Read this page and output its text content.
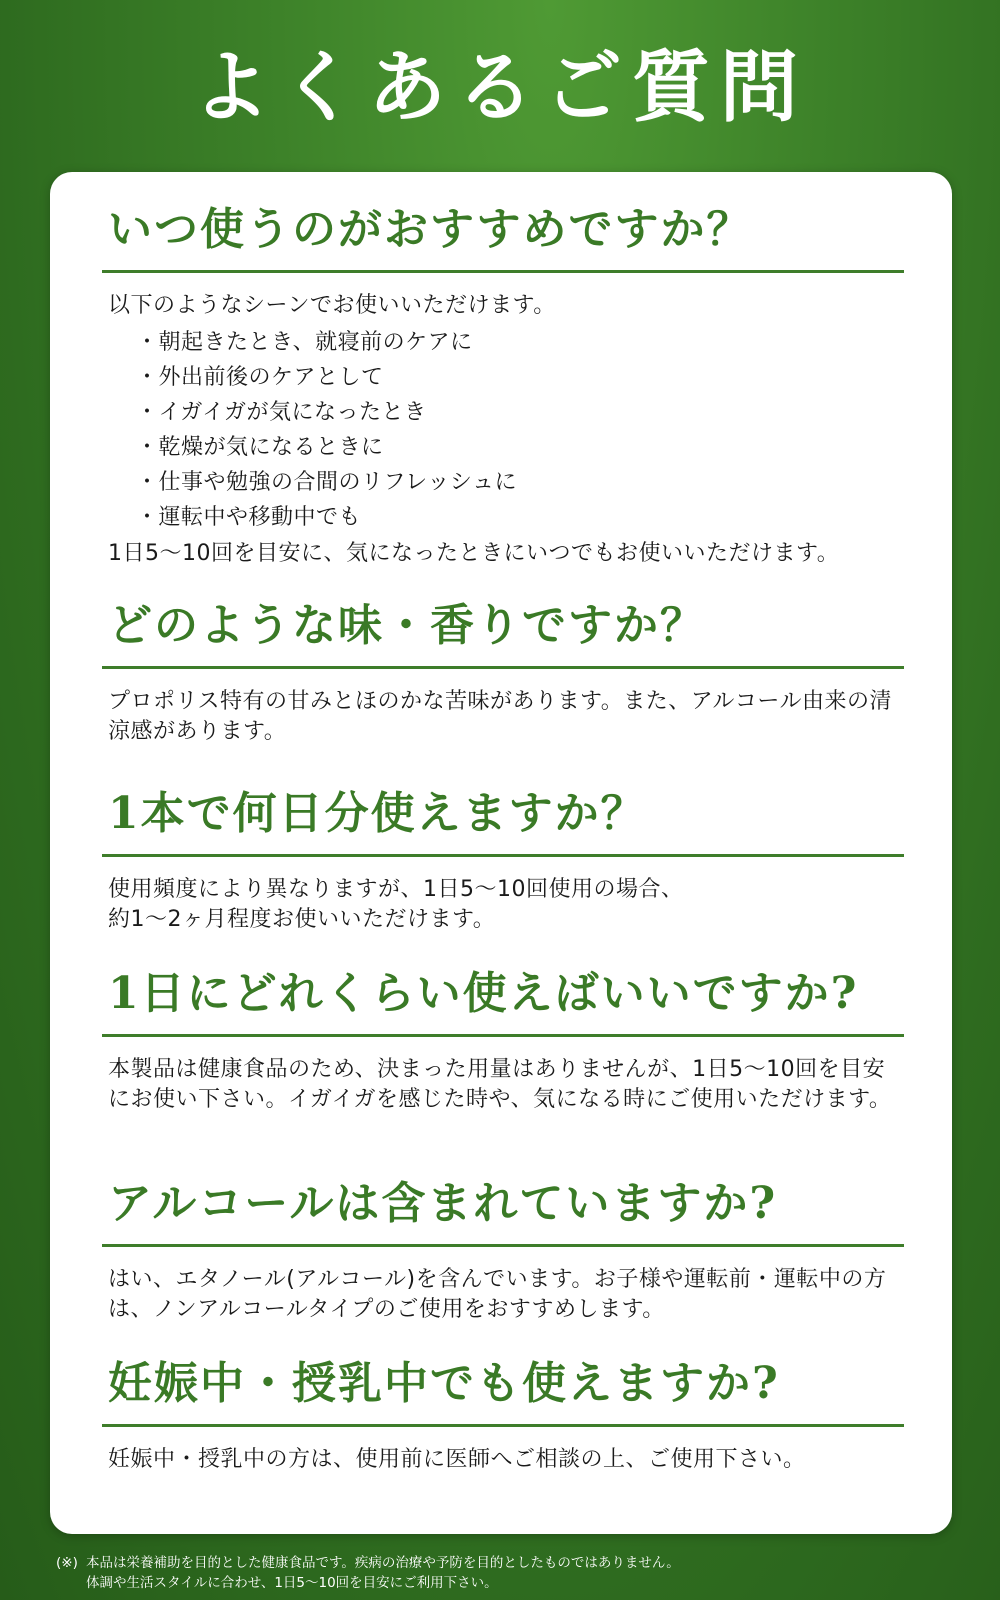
よくあるご質問
いつ使うのがおすすめですか？

以下のようなシーンでお使いいただけます。

・朝起きたとき、就寝前のケアに
・外出前後のケアとして
・イガイガが気になったとき
・乾燥が気になるときに
・仕事や勉強の合間のリフレッシュに
・運転中や移動中でも

1日5〜10回を目安に、気になったときにいつでもお使いいただけます。

どのような味・香りですか？

プロポリス特有の甘みとほのかな苦味があります。また、アルコール由来の清涼感があります。

1本で何日分使えますか？

使用頻度により異なりますが、1日5〜10回使用の場合、

約1〜2ヶ月程度お使いいただけます。

1日にどれくらい使えばいいですか?

本製品は健康食品のため、決まった用量はありませんが、1日5〜10回を目安にお使い下さい。イガイガを感じた時や、気になる時にご使用いただけます。

アルコールは含まれていますか?

はい、エタノール(アルコール)を含んでいます。お子様や運転前・運転中の方は、ノンアルコールタイプのご使用をおすすめします。

妊娠中・授乳中でも使えますか?

妊娠中・授乳中の方は、使用前に医師へご相談の上、ご使用下さい。

(※) 本品は栄養補助を目的とした健康食品です。疾病の治療や予防を目的としたものではありません。
体調や生活スタイルに合わせ、1日5〜10回を目安にご利用下さい。
